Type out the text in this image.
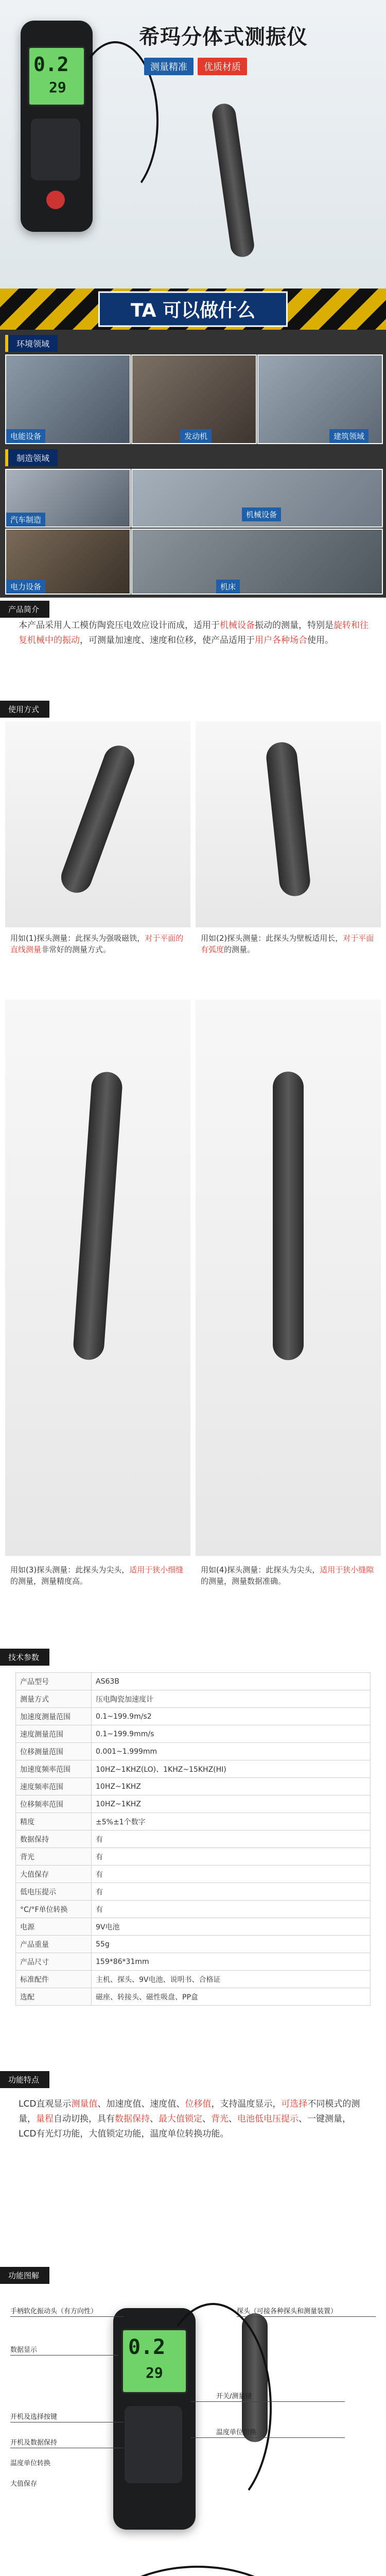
0.2
29
希玛分体式测振仪
测量精准	优质材质
TA 可以做什么
环境领域
电能设备	发动机	建筑领域
制造领域
汽车制造
机械设备
电力设备	机床
产品简介
本产品采用人工模仿陶瓷压电效应设计而成，适用于机械设备振动的测量，特别是旋转和往复机械中的振动，可测量加速度、速度和位移，使产品适用于用户各种场合使用。
使用方式
用如(1)探头测量：此探头为强吸磁铁，对于平面的直线测量非常好的测量方式。
用如(2)探头测量：此探头为壁板适用长，对于平面有弧度的测量。
用如(3)探头测量：此探头为尖头，适用于狭小细缝的测量，测量精度高。
用如(4)探头测量：此探头为尖头，适用于狭小缝隙的测量，测量数据准确。
技术参数
产品型号	AS63B
测量方式	压电陶瓷加速度计
加速度测量范围	0.1~199.9m/s2
速度测量范围	0.1~199.9mm/s
位移测量范围	0.001~1.999mm
加速度频率范围	10HZ~1KHZ(LO)、1KHZ~15KHZ(HI)
速度频率范围	10HZ~1KHZ
位移频率范围	10HZ~1KHZ
精度	±5%±1个数字
数据保持	有
背光	有
大值保存	有
低电压提示	有
°C/°F单位转换	有
电源	9V电池
产品重量	55g
产品尺寸	159*86*31mm
标准配件	主机、探头、9V电池、说明书、合格证
选配	磁座、转接头、磁性吸盘、PP盒
功能特点
LCD直观显示测量值、加速度值、速度值、位移值，支持温度显示，可选择不同模式的测量，量程自动切换，具有数据保持、最大值锁定、背光、电池低电压提示、一键测量，LCD有光灯功能，大值锁定功能，温度单位转换功能。
功能图解
0.2
29
手柄软化振动头（有方向性）	探头（可接各种探头和测量装置）
数据显示
开机及选择按键
开机及数据保持
温度单位转换
大值保存
开关/测量键
温度单位切换
